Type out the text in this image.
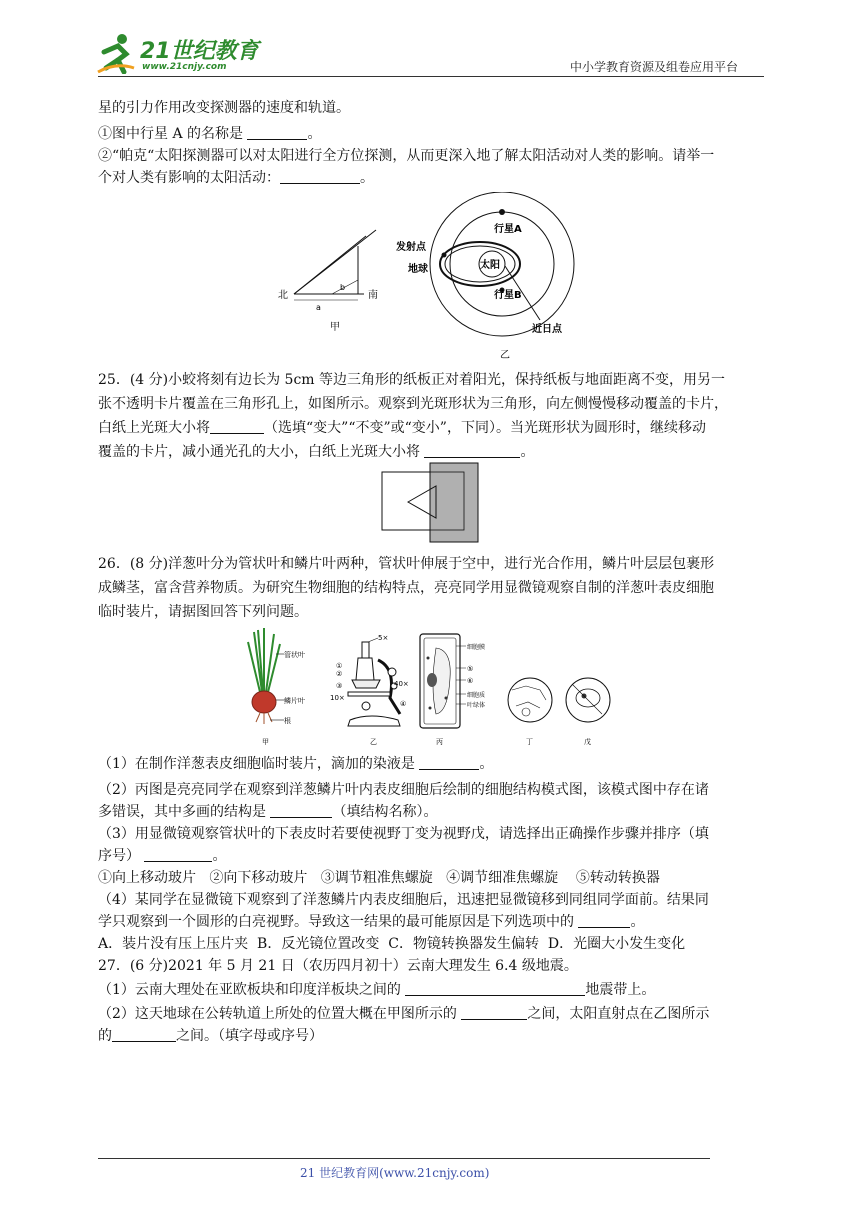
21世纪教育
www.21cnjy.com	中小学教育资源及组卷应用平台
星的引力作用改变探测器的速度和轨道。
①图中行星 A 的名称是	。
②“帕克“太阳探测器可以对太阳进行全方位探测，从而更深入地了解太阳活动对人类的影响。请举一
个对人类有影响的太阳活动：	。
北	南
a
b
甲
发射点
地球	太阳
行星A
行星B
近日点
乙
25．(4 分)小蛟将刻有边长为 5cm 等边三角形的纸板正对着阳光，保持纸板与地面距离不变，用另一
张不透明卡片覆盖在三角形孔上，如图所示。观察到光斑形状为三角形，向左侧慢慢移动覆盖的卡片，
白纸上光斑大小将	（选填“变大”“不变”或“变小”，下同）。当光斑形状为圆形时，继续移动
覆盖的卡片，减小通光孔的大小，白纸上光斑大小将	。
26．(8 分)洋葱叶分为管状叶和鳞片叶两种，管状叶伸展于空中，进行光合作用，鳞片叶层层包裹形
成鳞茎，富含营养物质。为研究生物细胞的结构特点，亮亮同学用显微镜观察自制的洋葱叶表皮细胞
临时装片，请据图回答下列问题。
管状叶
鳞片叶
根
甲
5×
40×
10×
①
②
③
④
乙
细胞膜
⑤
⑥
细胞质
叶绿体
丙	丁	戊
（1）在制作洋葱表皮细胞临时装片，滴加的染液是	。
（2）丙图是亮亮同学在观察到洋葱鳞片叶内表皮细胞后绘制的细胞结构模式图，该模式图中存在诸
多错误，其中多画的结构是	（填结构名称）。
（3）用显微镜观察管状叶的下表皮时若要使视野丁变为视野戊，请选择出正确操作步骤并排序（填
序号）	。
①向上移动玻片 ②向下移动玻片 ③调节粗准焦螺旋 ④调节细准焦螺旋 ⑤转动转换器
（4）某同学在显微镜下观察到了洋葱鳞片内表皮细胞后，迅速把显微镜移到同组同学面前。结果同
学只观察到一个圆形的白亮视野。导致这一结果的最可能原因是下列选项中的	。
A．装片没有压上压片夹 B．反光镜位置改变 C．物镜转换器发生偏转 D．光圈大小发生变化
27．(6 分)2021 年 5 月 21 日（农历四月初十）云南大理发生 6.4 级地震。
（1）云南大理处在亚欧板块和印度洋板块之间的	地震带上。
（2）这天地球在公转轨道上所处的位置大概在甲图所示的	之间，太阳直射点在乙图所示
的	之间。（填字母或序号）
21 世纪教育网(www.21cnjy.com)
